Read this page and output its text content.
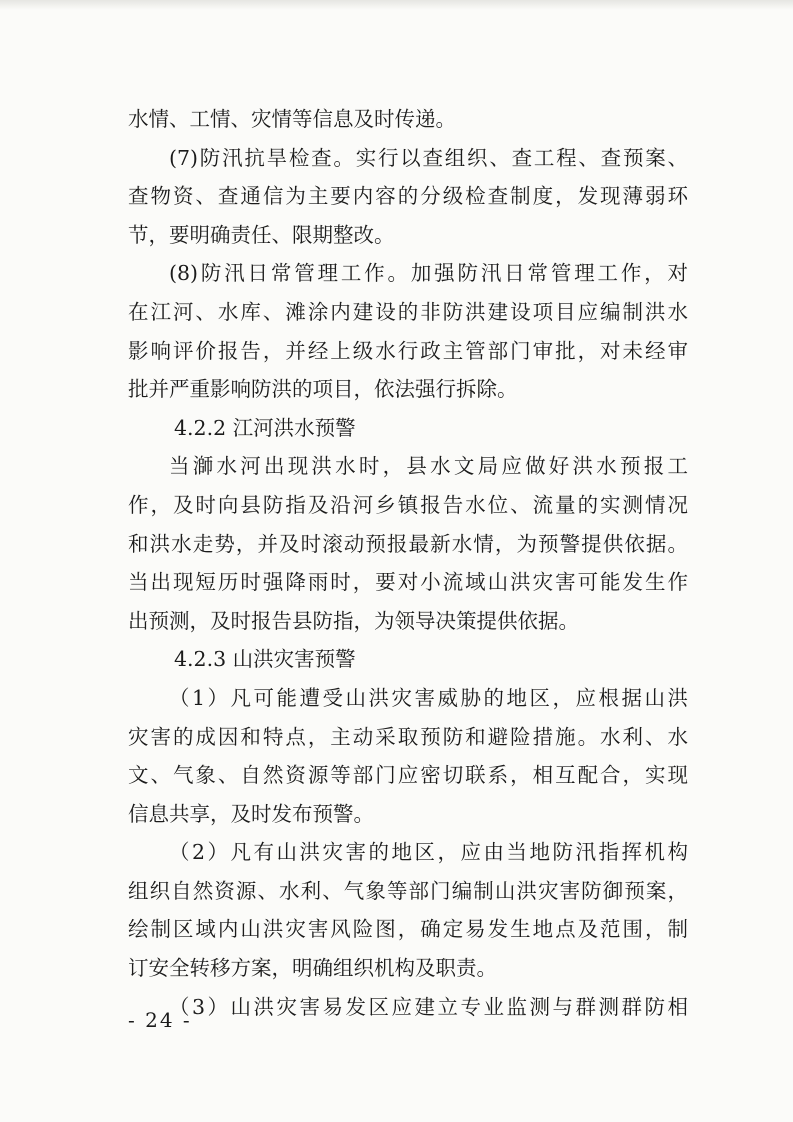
水情、工情、灾情等信息及时传递。
(7)防汛抗旱检查。实行以查组织、查工程、查预案、
查物资、查通信为主要内容的分级检查制度，发现薄弱环
节，要明确责任、限期整改。
(8)防汛日常管理工作。加强防汛日常管理工作，对
在江河、水库、滩涂内建设的非防洪建设项目应编制洪水
影响评价报告，并经上级水行政主管部门审批，对未经审
批并严重影响防洪的项目，依法强行拆除。
4.2.2 江河洪水预警
当溮水河出现洪水时，县水文局应做好洪水预报工
作，及时向县防指及沿河乡镇报告水位、流量的实测情况
和洪水走势，并及时滚动预报最新水情，为预警提供依据。
当出现短历时强降雨时，要对小流域山洪灾害可能发生作
出预测，及时报告县防指，为领导决策提供依据。
4.2.3 山洪灾害预警
（1）凡可能遭受山洪灾害威胁的地区，应根据山洪
灾害的成因和特点，主动采取预防和避险措施。水利、水
文、气象、自然资源等部门应密切联系，相互配合，实现
信息共享，及时发布预警。
（2）凡有山洪灾害的地区，应由当地防汛指挥机构
组织自然资源、水利、气象等部门编制山洪灾害防御预案，
绘制区域内山洪灾害风险图，确定易发生地点及范围，制
订安全转移方案，明确组织机构及职责。
（3）山洪灾害易发区应建立专业监测与群测群防相
- 24 -
